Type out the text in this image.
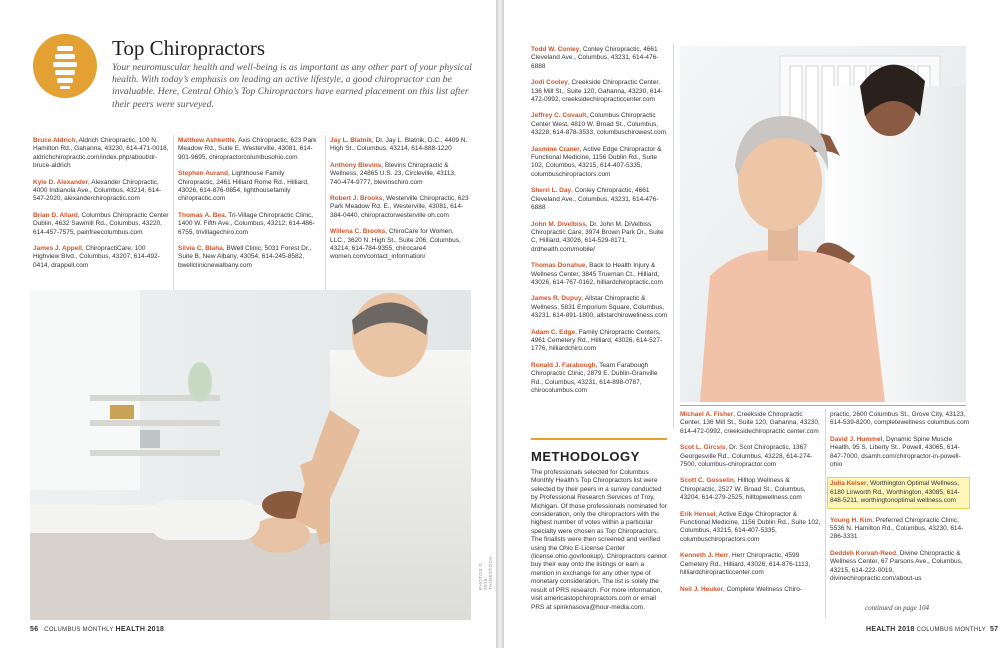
Top Chiropractors
Your neuromuscular health and well-being is as important as any other part of your physical health. With today’s emphasis on leading an active lifestyle, a good chiropractor can be invaluable. Here, Central Ohio’s Top Chiropractors have earned placement on this list after their peers were surveyed.
Bruce Aldrich, Aldrich Chiropractic, 100 N. Hamilton Rd., Gahanna, 43230, 614-471-0018, aldrichchiropractic.com/index.php/about/dr-bruce-aldrich
Kyle D. Alexander, Alexander Chiropractic, 4000 Indianola Ave., Columbus, 43214, 614-547-2020, alexanderchiropractic.com
Brian D. Allard, Columbus Chiropractic Center Dublin, 4632 Sawmill Rd., Columbus, 43220, 614-457-7575, painfreecolumbus.com
James J. Appell, ChiropractiCare, 100 Highview Blvd., Columbus, 43207, 614-492-0414, drappell.com
Matthew Ashkettle, Axis Chiropractic, 623 Park Meadow Rd., Suite E, Westerville, 43081, 614-901-9695, chiropractorcolumbusohio.com
Stephen Aurand, Lighthouse Family Chiropractic, 2461 Hilliard Rome Rd., Hilliard, 43026, 614-876-0854, lighthousefamily chiropractic.com
Thomas A. Bea, Tri-Village Chiropractic Clinic, 1400 W. Fifth Ave., Columbus, 43212, 614-486-6755, trivillagechiro.com
Silvia C. Blaha, BWell Clinic, 5031 Forest Dr., Suite B, New Albany, 43054, 614-245-8582, bwellclinicnewalbany.com
Jay L. Blatnik, Dr. Jay L. Blatnik, D.C., 4409 N. High St., Columbus, 43214, 614-888-1220
Anthony Blevins, Blevins Chiropractic & Wellness, 24865 U.S. 23, Circleville, 43113, 740-474-9777, blevinschiro.com
Robert J. Brooks, Westerville Chiropractic, 623 Park Meadow Rd. E., Westerville, 43081, 614-384-0440, chiropractorwesterville oh.com
Willena C. Brooks, ChiroCare for Women, LLC., 3620 N. High St., Suite 206, Columbus, 43214, 614-784-9355, chirocare4 women.com/contact_information/
PHOTOS © 2018 THINKSTOCK
56 COLUMBUS MONTHLY HEALTH 2018
Todd W. Conley, Conley Chiropractic, 4661 Cleveland Ave., Columbus, 43231, 614-476-6888
Jodi Cooley, Creekside Chiropractic Center, 136 Mill St., Suite 120, Gahanna, 43230, 614-472-0992, creeksidechiropracticcenter.com
Jeffrey C. Covault, Columbus Chiropractic Center West, 4810 W. Broad St., Columbus, 43228, 614-878-3533, columbuschirowest.com
Jasmine Craner, Active Edge Chiropractor & Functional Medicine, 1156 Dublin Rd., Suite 102, Columbus, 43215, 614-407-5335, columbuschiropractors.com
Sherri L. Day, Conley Chiropractic, 4661 Cleveland Ave., Columbus, 43231, 614-476-6888
John M. Divelbiss, Dr. John M. DiVelbiss Chiropractic Care, 3974 Brown Park Dr., Suite C, Hilliard, 43026, 614-529-8171, drdhealth.com/mobile/
Thomas Donahue, Back to Health Injury & Wellness Center, 3845 Trueman Ct., Hilliard, 43026, 614-767-0162, hilliardchiropractic.com
James R. Dupuy, Allstar Chiropractic & Wellness, 5831 Emporium Square, Columbus, 43231, 614-891-1800, allstarchirowellness.com
Adam C. Edge, Family Chiropractic Centers, 4961 Cemetery Rd., Hilliard, 43026, 614-527-1776, hilliardchiro.com
Ronald J. Farabough, Team Farabough Chiropractic Clinic, 2879 E. Dublin-Granville Rd., Columbus, 43231, 614-898-0787, chirocolumbus.com
METHODOLOGY
The professionals selected for Columbus Monthly Health’s Top Chiropractors list were selected by their peers in a survey conducted by Professional Research Services of Troy, Michigan. Of those professionals nominated for consideration, only the chiropractors with the highest number of votes within a particular specialty were chosen as Top Chiropractors. The finalists were then screened and verified using the Ohio E-License Center (license.ohio.gov/lookup). Chiropractors cannot buy their way onto the listings or earn a mention in exchange for any other type of monetary consideration. The list is solely the result of PRS research. For more information, visit americastopchiropractors.com or email PRS at spinknasova@hour-media.com.
Michael A. Fisher, Creekside Chiropractic Center, 136 Mill St., Suite 120, Gahanna, 43230, 614-472-0992, creeksidechiropractic center.com
Scot L. Gircsis, Dr. Scot Chiropractic, 1367 Georgesville Rd., Columbus, 43228, 614-274-7500, columbus-chiropractor.com
Scott C. Gosselin, Hilltop Wellness & Chiropractic, 2527 W. Broad St., Columbus, 43204, 614-279-2525, hilltopwellness.com
Erik Hensel, Active Edge Chiropractor & Functional Medicine, 1156 Dublin Rd., Suite 102, Columbus, 43215, 614-407-5335, columbuschiropractors.com
Kenneth J. Herr, Herr Chiropractic, 4599 Cemetery Rd., Hilliard, 43026, 614-876-1113, hilliardchiropracticcenter.com
Neil J. Heuker, Complete Wellness Chiro-
practic, 2600 Columbus St., Grove City, 43123, 614-539-8200, completewellness columbus.com
David J. Hummel, Dynamic Spine Muscle Health, 95 S. Liberty St., Powell, 43065, 614-847-7000, dsamh.com/chiropractor-in-powell-ohio
Julia Keiser, Worthington Optimal Wellness, 6180 Linworth Rd., Worthington, 43085, 614-848-5211, worthingtonoptimal wellness.com
Young H. Kim, Preferred Chiropractic Clinic, 5536 N. Hamilton Rd., Columbus, 43230, 614-286-3331
Deddeh Korvah-Reed, Divine Chiropractic & Wellness Center, 67 Parsons Ave., Columbus, 43215, 614-222-0019, divinechiropractic.com/about-us
continued on page 104
HEALTH 2018 COLUMBUS MONTHLY 57
